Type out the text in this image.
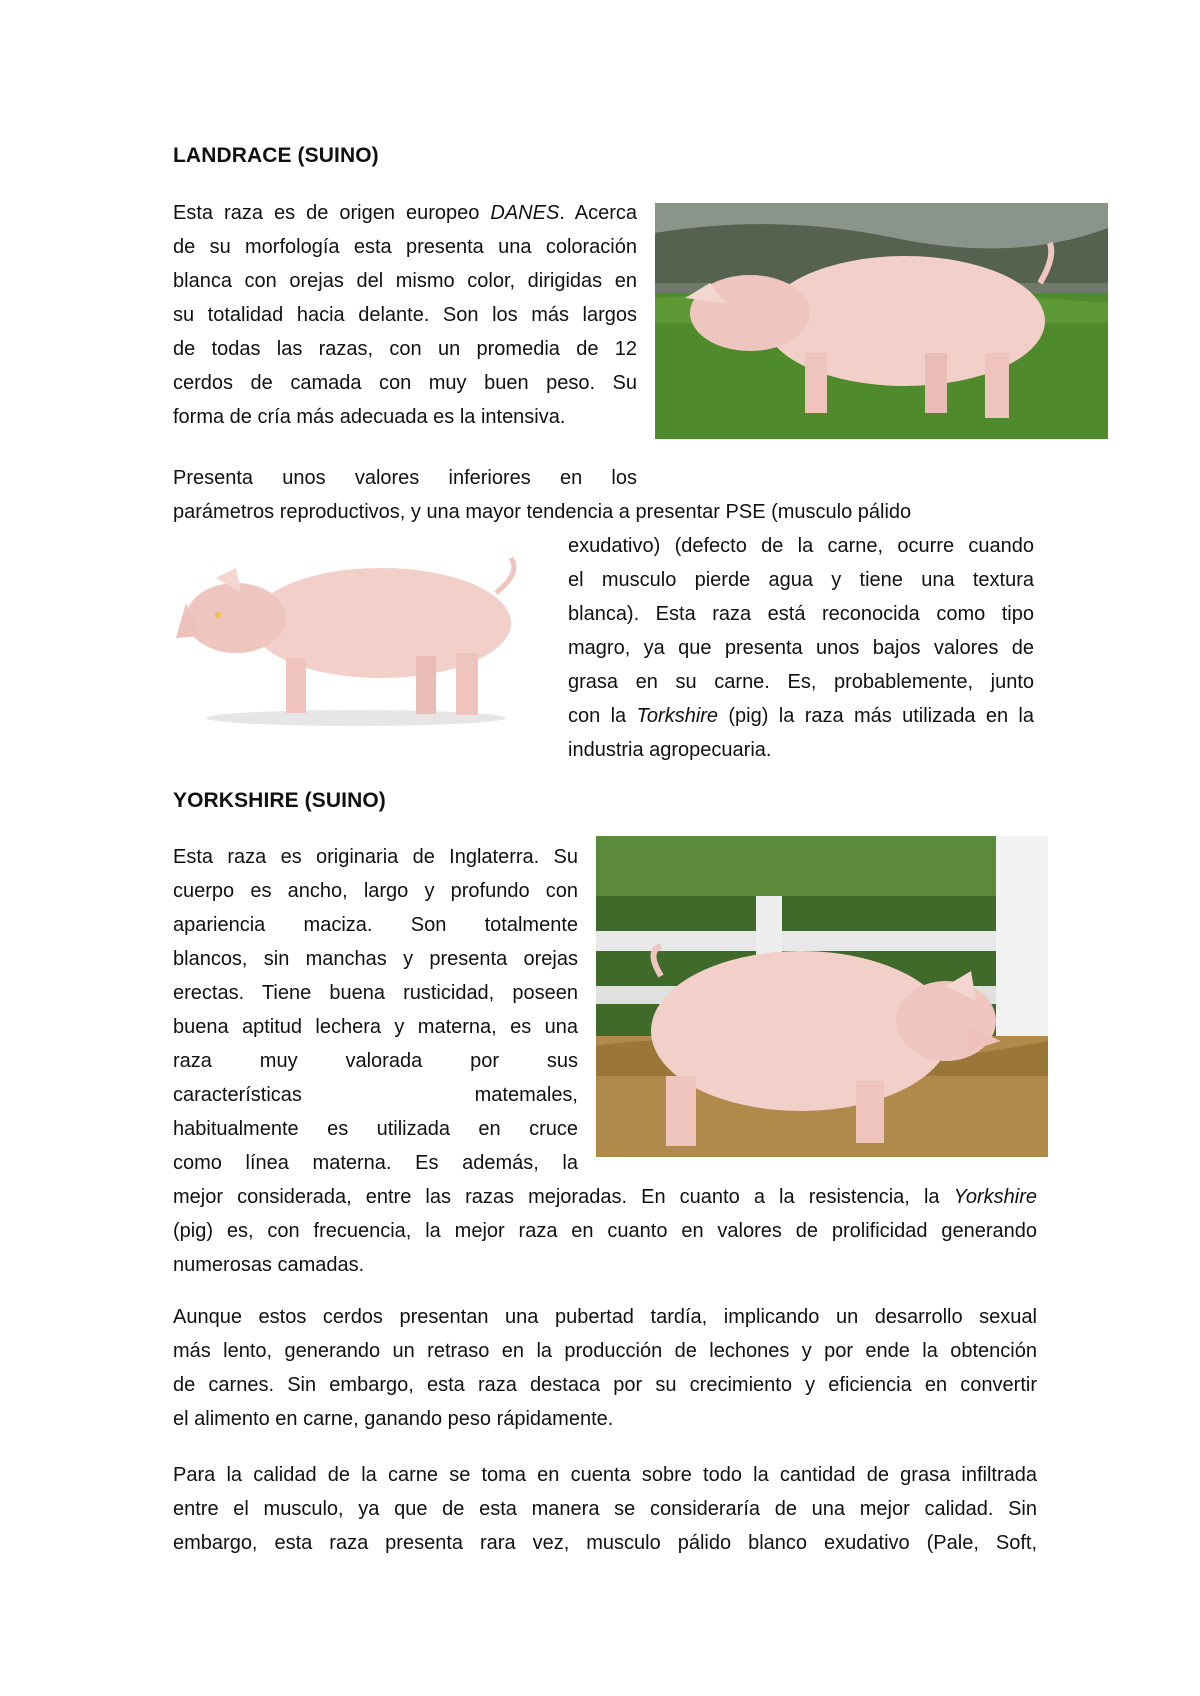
LANDRACE (SUINO)
Esta raza es de origen europeo DANES. Acerca
de su morfología esta presenta una coloración
blanca con orejas del mismo color, dirigidas en
su totalidad hacia delante. Son los más largos
de todas las razas, con un promedia de 12
cerdos de camada con muy buen peso. Su
forma de cría más adecuada es la intensiva.
Presenta unos valores inferiores en los
parámetros reproductivos, y una mayor tendencia a presentar PSE (musculo pálido
exudativo) (defecto de la carne, ocurre cuando
el musculo pierde agua y tiene una textura
blanca). Esta raza está reconocida como tipo
magro, ya que presenta unos bajos valores de
grasa en su carne. Es, probablemente, junto
con la Torkshire (pig) la raza más utilizada en la
industria agropecuaria.
YORKSHIRE (SUINO)
Esta raza es originaria de Inglaterra. Su
cuerpo es ancho, largo y profundo con
apariencia maciza. Son totalmente
blancos, sin manchas y presenta orejas
erectas. Tiene buena rusticidad, poseen
buena aptitud lechera y materna, es una
raza muy valorada por sus
características matemales,
habitualmente es utilizada en cruce
como línea materna. Es además, la
mejor considerada, entre las razas mejoradas. En cuanto a la resistencia, la Yorkshire
(pig) es, con frecuencia, la mejor raza en cuanto en valores de prolificidad generando
numerosas camadas.
Aunque estos cerdos presentan una pubertad tardía, implicando un desarrollo sexual
más lento, generando un retraso en la producción de lechones y por ende la obtención
de carnes. Sin embargo, esta raza destaca por su crecimiento y eficiencia en convertir
el alimento en carne, ganando peso rápidamente.
Para la calidad de la carne se toma en cuenta sobre todo la cantidad de grasa infiltrada
entre el musculo, ya que de esta manera se consideraría de una mejor calidad. Sin
embargo, esta raza presenta rara vez, musculo pálido blanco exudativo (Pale, Soft,
